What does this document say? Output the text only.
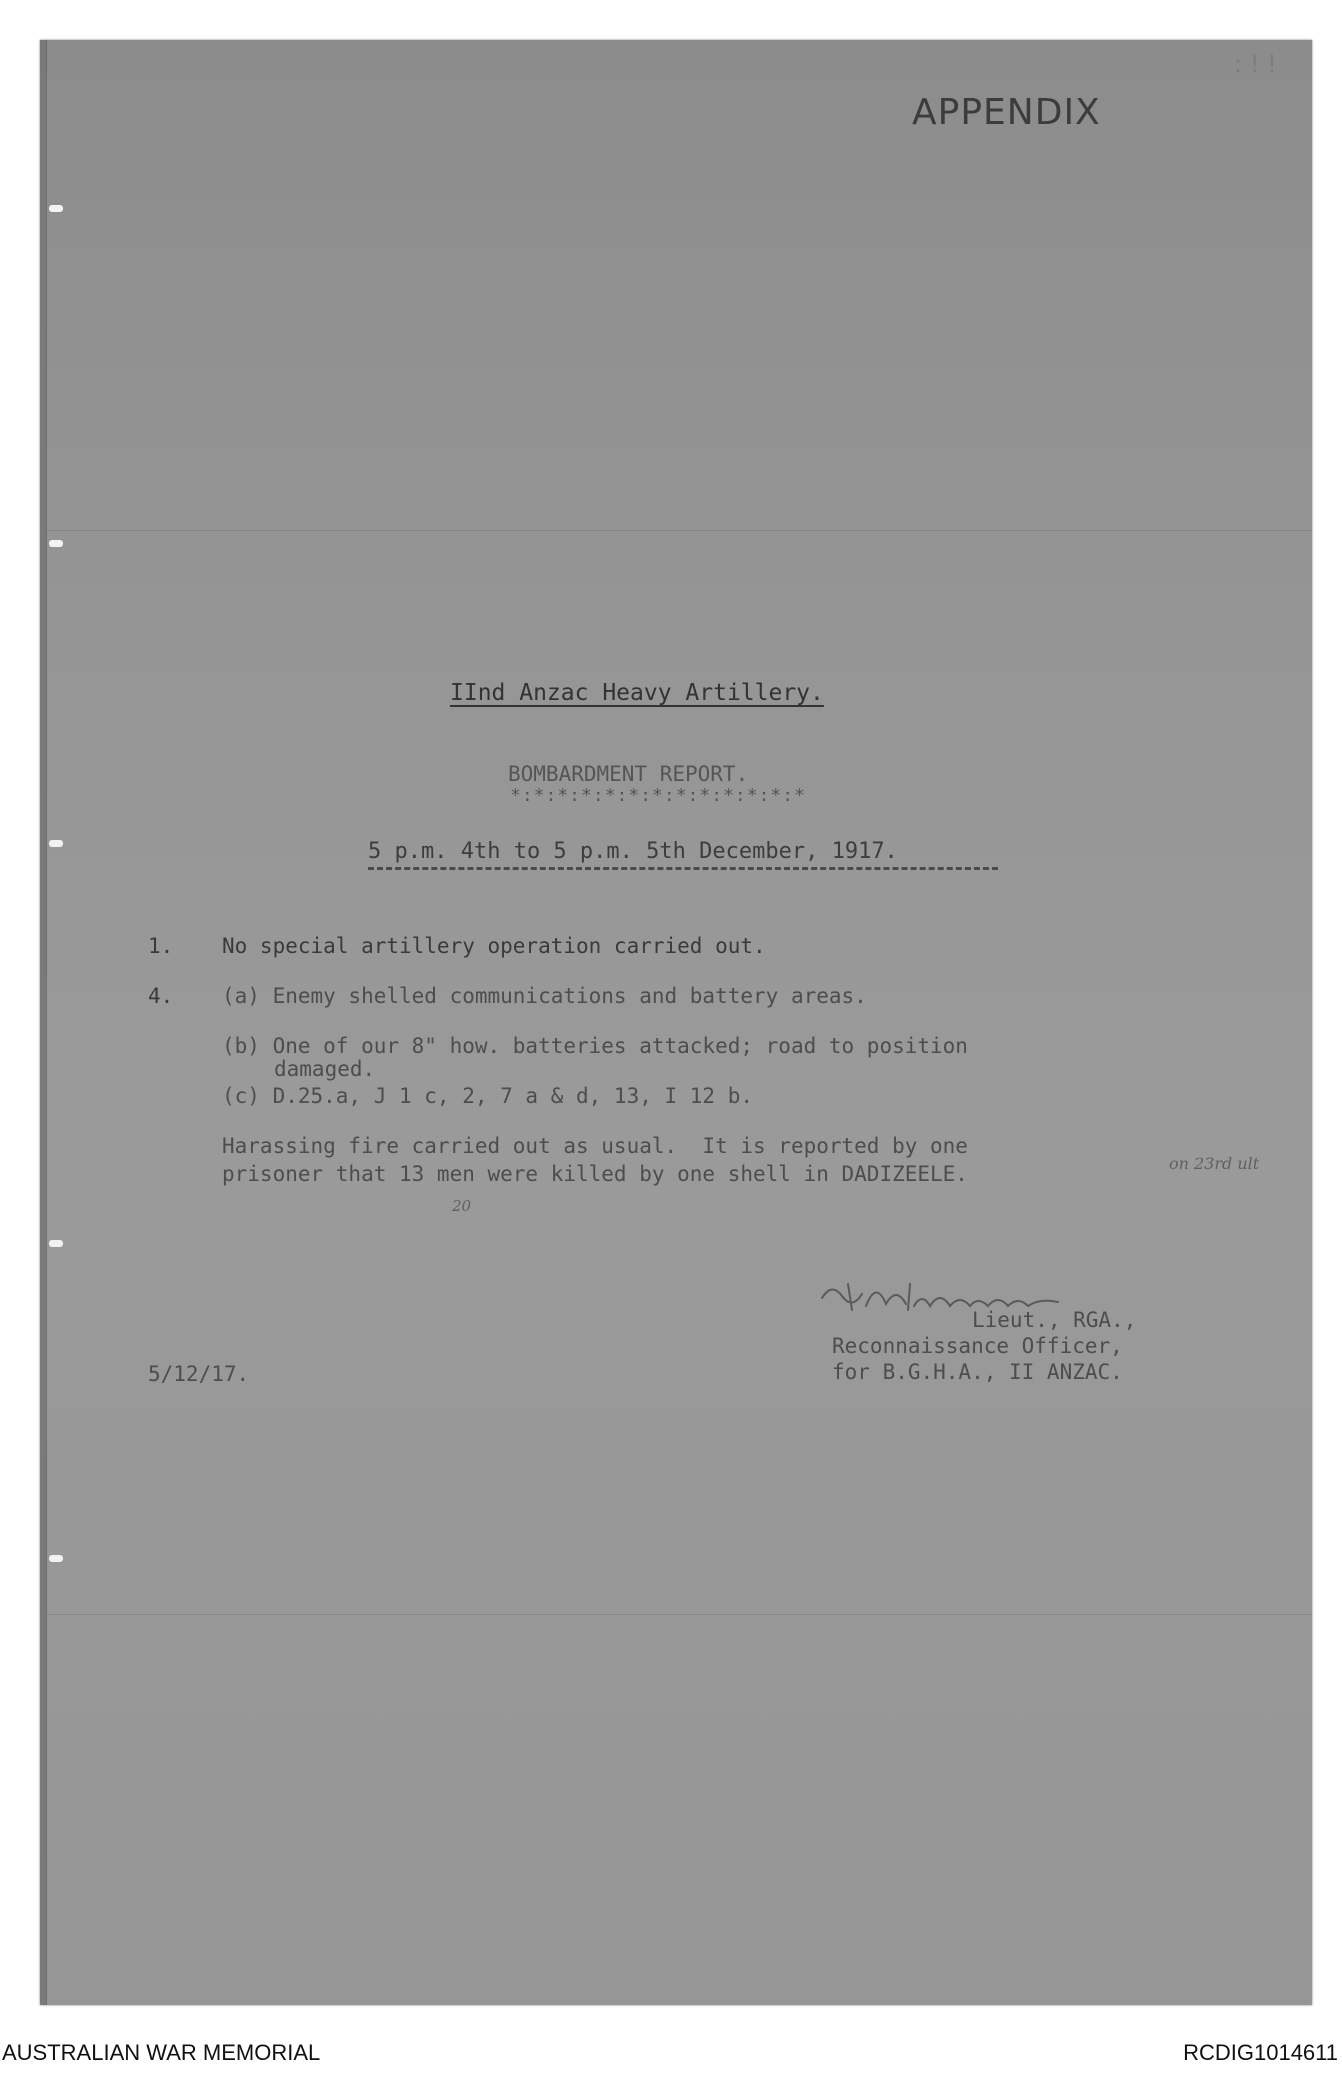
: ! !
APPENDIX
IInd Anzac Heavy Artillery.
BOMBARDMENT REPORT.
*:*:*:*:*:*:*:*:*:*:*:*:*
5 p.m. 4th to 5 p.m. 5th December, 1917.
1. No special artillery operation carried out.
4. (a) Enemy shelled communications and battery areas.
(b) One of our 8" how. batteries attacked; road to position
damaged.
(c) D.25.a, J 1 c, 2, 7 a & d, 13, I 12 b.
Harassing fire carried out as usual.  It is reported by one
prisoner that 13 men were killed by one shell in DADIZEELE.
20
on 23rd ult
Lieut., RGA.,
Reconnaissance Officer,
for B.G.H.A., II ANZAC.
5/12/17.
AUSTRALIAN WAR MEMORIAL	RCDIG1014611
